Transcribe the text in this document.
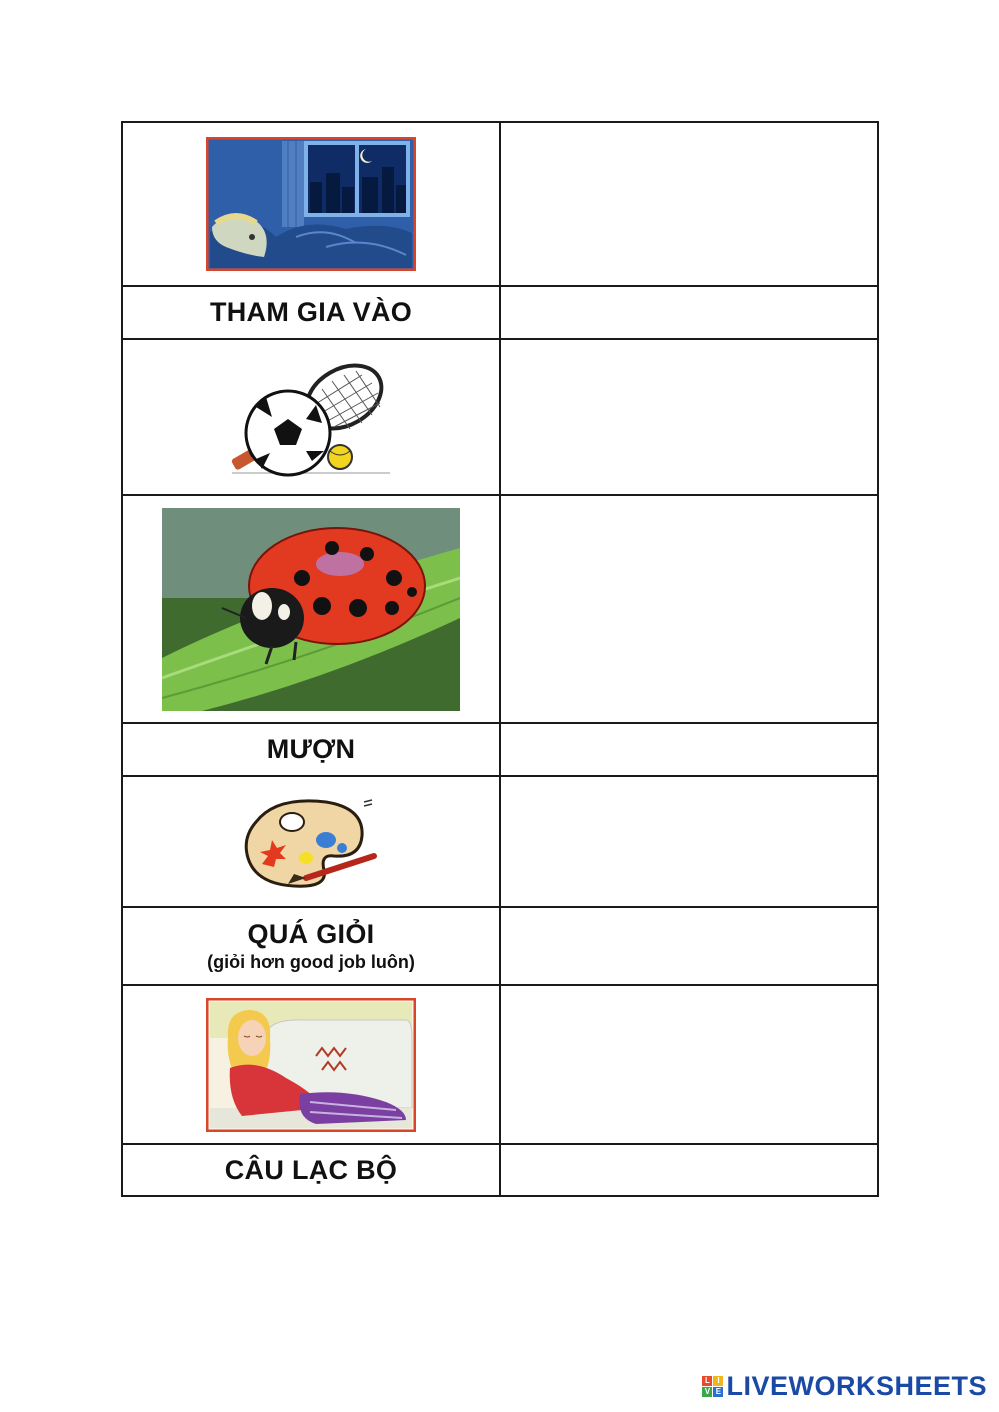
THAM GIA VÀO	

MƯỢN	

QUÁ GIỎI
(giỏi hơn good job luôn)	

CÂU LẠC BỘ	
L I
V E LIVEWORKSHEETS
